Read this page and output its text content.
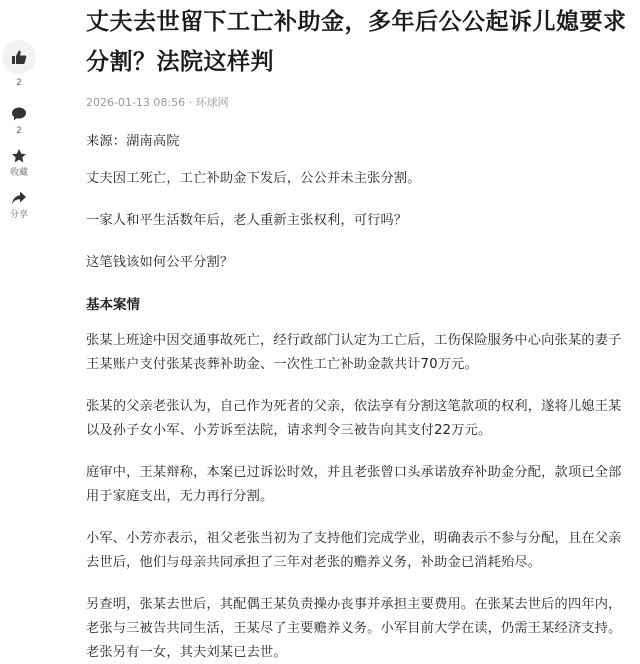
2
2
收藏
分享
丈夫去世留下工亡补助金，多年后公公起诉儿媳要求分割？法院这样判
2026-01-13 08:56 · 环球网

来源：湖南高院

丈夫因工死亡，工亡补助金下发后，公公并未主张分割。

一家人和平生活数年后，老人重新主张权利，可行吗？

这笔钱该如何公平分割？

基本案情

张某上班途中因交通事故死亡，经行政部门认定为工亡后，工伤保险服务中心向张某的妻子王某账户支付张某丧葬补助金、一次性工亡补助金款共计70万元。

张某的父亲老张认为，自己作为死者的父亲，依法享有分割这笔款项的权利，遂将儿媳王某以及孙子女小军、小芳诉至法院，请求判令三被告向其支付22万元。

庭审中，王某辩称，本案已过诉讼时效，并且老张曾口头承诺放弃补助金分配，款项已全部用于家庭支出，无力再行分割。

小军、小芳亦表示，祖父老张当初为了支持他们完成学业，明确表示不参与分配，且在父亲去世后，他们与母亲共同承担了三年对老张的赡养义务，补助金已消耗殆尽。

另查明，张某去世后，其配偶王某负责操办丧事并承担主要费用。在张某去世后的四年内，老张与三被告共同生活，王某尽了主要赡养义务。小军目前大学在读，仍需王某经济支持。老张另有一女，其夫刘某已去世。
